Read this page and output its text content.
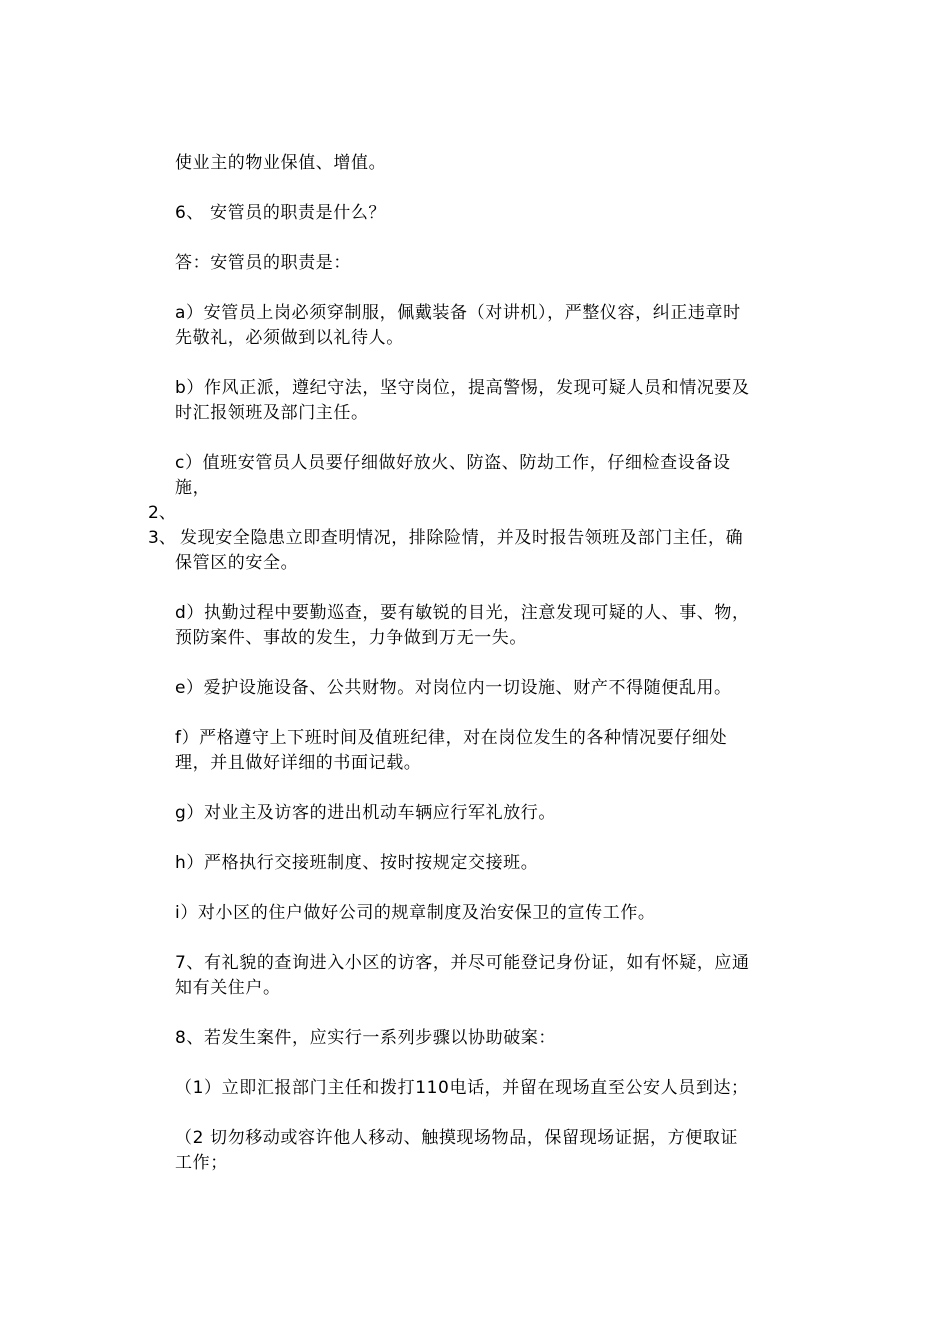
使业主的物业保值、增值。
6、 安管员的职责是什么？
答：安管员的职责是：
a）安管员上岗必须穿制服，佩戴装备（对讲机），严整仪容，纠正违章时
先敬礼，必须做到以礼待人。
b）作风正派，遵纪守法，坚守岗位，提高警惕，发现可疑人员和情况要及
时汇报领班及部门主任。
c）值班安管员人员要仔细做好放火、防盗、防劫工作，仔细检查设备设
施，
2、
3、 发现安全隐患立即查明情况，排除险情，并及时报告领班及部门主任，确
保管区的安全。
d）执勤过程中要勤巡查，要有敏锐的目光，注意发现可疑的人、事、物，
预防案件、事故的发生，力争做到万无一失。
e）爱护设施设备、公共财物。对岗位内一切设施、财产不得随便乱用。
f）严格遵守上下班时间及值班纪律，对在岗位发生的各种情况要仔细处
理，并且做好详细的书面记载。
g）对业主及访客的进出机动车辆应行军礼放行。
h）严格执行交接班制度、按时按规定交接班。
i）对小区的住户做好公司的规章制度及治安保卫的宣传工作。
7、有礼貌的查询进入小区的访客，并尽可能登记身份证，如有怀疑，应通
知有关住户。
8、若发生案件，应实行一系列步骤以协助破案：
（1）立即汇报部门主任和拨打110电话，并留在现场直至公安人员到达；
（2 切勿移动或容许他人移动、触摸现场物品，保留现场证据，方便取证
工作；
